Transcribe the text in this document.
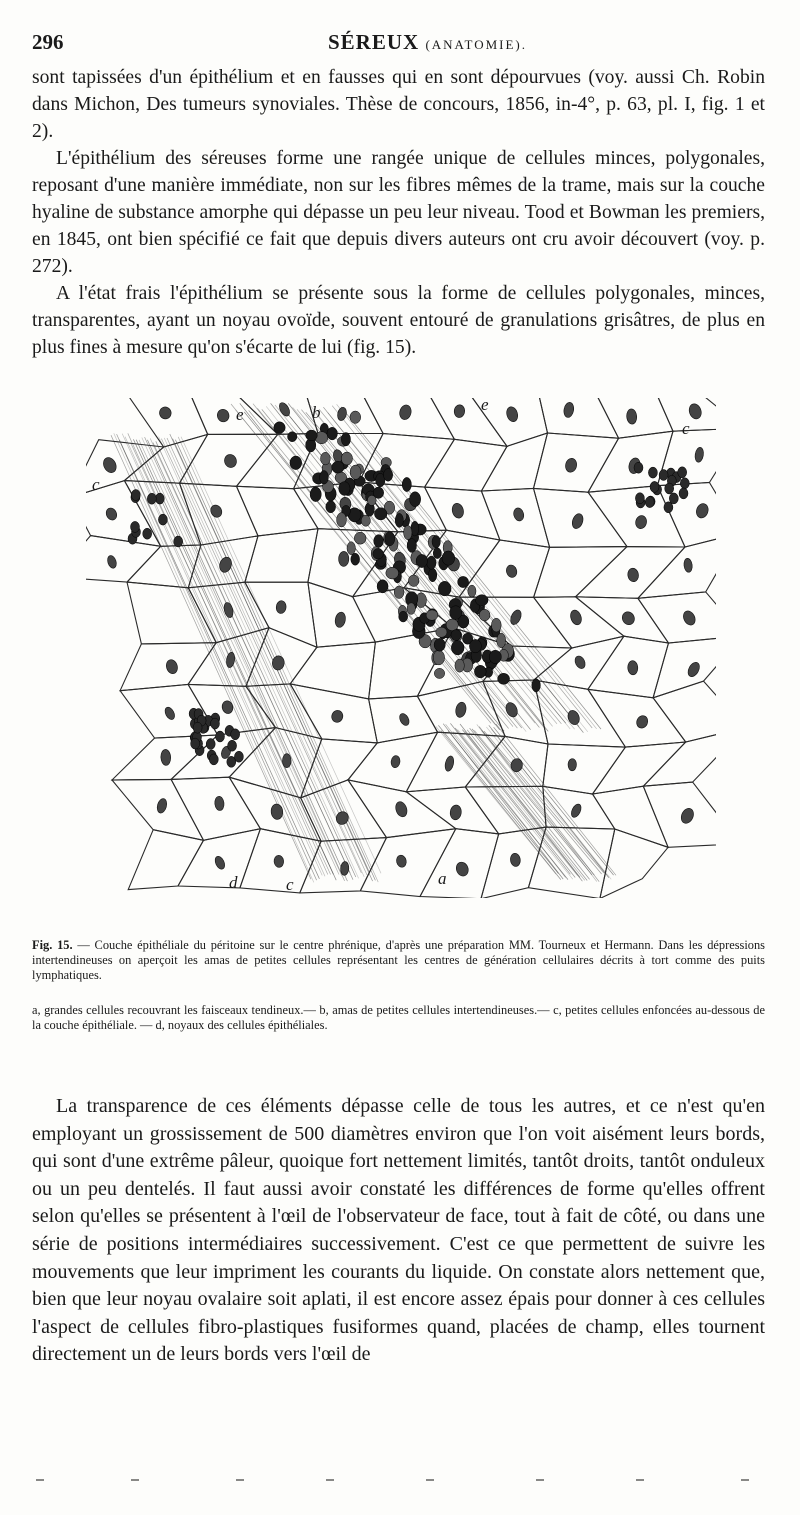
296	SÉREUX (ANATOMIE).

sont tapissées d'un épithélium et en fausses qui en sont dépourvues (voy. aussi Ch. Robin dans Michon, Des tumeurs synoviales. Thèse de concours, 1856, in-4°, p. 63, pl. I, fig. 1 et 2).

L'épithélium des séreuses forme une rangée unique de cellules minces, polygonales, reposant d'une manière immédiate, non sur les fibres mêmes de la trame, mais sur la couche hyaline de substance amorphe qui dépasse un peu leur niveau. Tood et Bowman les premiers, en 1845, ont bien spécifié ce fait que depuis divers auteurs ont cru avoir découvert (voy. p. 272).

A l'état frais l'épithélium se présente sous la forme de cellules polygonales, minces, transparentes, ayant un noyau ovoïde, souvent entouré de granulations grisâtres, de plus en plus fines à mesure qu'on s'écarte de lui (fig. 15).

e	b	e
c
c
d	c	a

Fig. 15. — Couche épithéliale du péritoine sur le centre phrénique, d'après une préparation MM. Tourneux et Hermann. Dans les dépressions intertendineuses on aperçoit les amas de petites cellules représentant les centres de génération cellulaires décrits à tort comme des puits lymphatiques.

a, grandes cellules recouvrant les faisceaux tendineux.— b, amas de petites cellules intertendineuses.— c, petites cellules enfoncées au-dessous de la couche épithéliale. — d, noyaux des cellules épithéliales.

La transparence de ces éléments dépasse celle de tous les autres, et ce n'est qu'en employant un grossissement de 500 diamètres environ que l'on voit aisément leurs bords, qui sont d'une extrême pâleur, quoique fort nettement limités, tantôt droits, tantôt onduleux ou un peu dentelés. Il faut aussi avoir constaté les différences de forme qu'elles offrent selon qu'elles se présentent à l'œil de l'observateur de face, tout à fait de côté, ou dans une série de positions intermédiaires successivement. C'est ce que permettent de suivre les mouvements que leur impriment les courants du liquide. On constate alors nettement que, bien que leur noyau ovalaire soit aplati, il est encore assez épais pour donner à ces cellules l'aspect de cellules fibro-plastiques fusiformes quand, placées de champ, elles tournent directement un de leurs bords vers l'œil de
